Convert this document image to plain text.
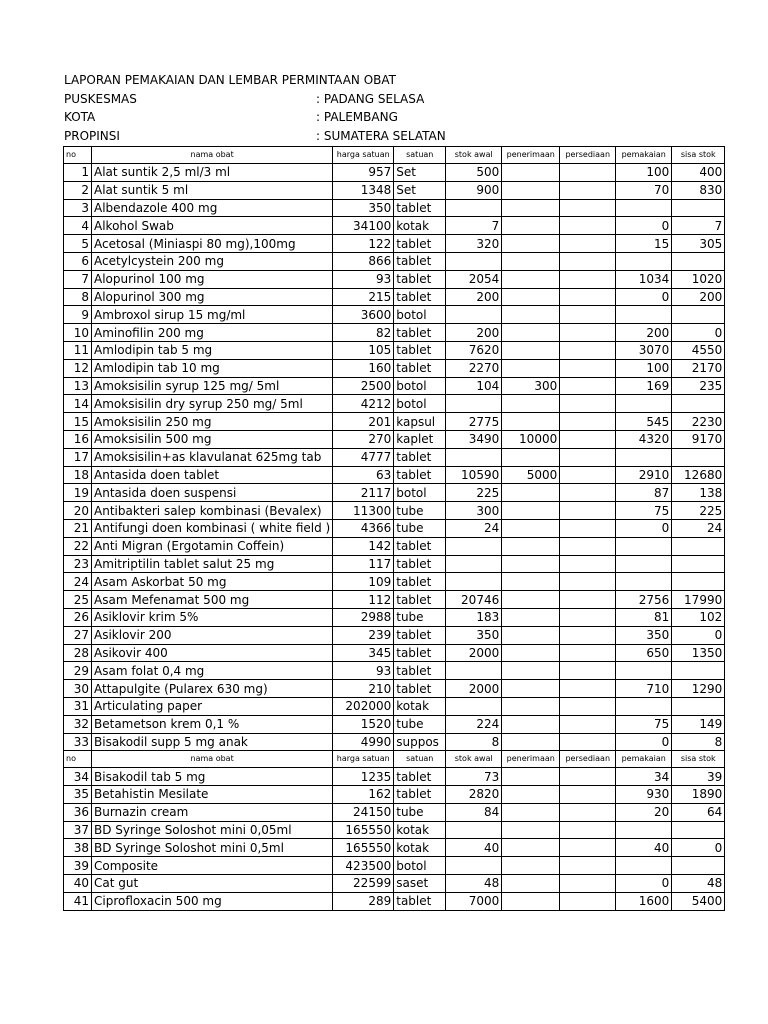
LAPORAN PEMAKAIAN DAN LEMBAR PERMINTAAN OBAT
PUSKESMAS	: PADANG SELASA
KOTA	: PALEMBANG
PROPINSI	: SUMATERA SELATAN
no	nama obat	harga satuan	satuan	stok awal	penerimaan	persediaan	pemakaian	sisa stok
1	Alat suntik 2,5 ml/3 ml	957	Set	500			100	400
2	Alat suntik 5 ml	1348	Set	900			70	830
3	Albendazole 400 mg	350	tablet					
4	Alkohol Swab	34100	kotak	7			0	7
5	Acetosal (Miniaspi 80 mg),100mg	122	tablet	320			15	305
6	Acetylcystein 200 mg	866	tablet					
7	Alopurinol 100 mg	93	tablet	2054			1034	1020
8	Alopurinol 300 mg	215	tablet	200			0	200
9	Ambroxol sirup 15 mg/ml	3600	botol					
10	Aminofilin 200 mg	82	tablet	200			200	0
11	Amlodipin tab 5 mg	105	tablet	7620			3070	4550
12	Amlodipin tab 10 mg	160	tablet	2270			100	2170
13	Amoksisilin syrup 125 mg/ 5ml	2500	botol	104	300		169	235
14	Amoksisilin dry syrup 250 mg/ 5ml	4212	botol					
15	Amoksisilin 250 mg	201	kapsul	2775			545	2230
16	Amoksisilin 500 mg	270	kaplet	3490	10000		4320	9170
17	Amoksisilin+as klavulanat 625mg tab	4777	tablet					
18	Antasida doen tablet	63	tablet	10590	5000		2910	12680
19	Antasida doen suspensi	2117	botol	225			87	138
20	Antibakteri salep kombinasi (Bevalex)	11300	tube	300			75	225
21	Antifungi doen kombinasi ( white field )	4366	tube	24			0	24
22	Anti Migran (Ergotamin Coffein)	142	tablet					
23	Amitriptilin tablet salut 25 mg	117	tablet					
24	Asam Askorbat 50 mg	109	tablet					
25	Asam Mefenamat 500 mg	112	tablet	20746			2756	17990
26	Asiklovir krim 5%	2988	tube	183			81	102
27	Asiklovir 200	239	tablet	350			350	0
28	Asikovir 400	345	tablet	2000			650	1350
29	Asam folat 0,4 mg	93	tablet					
30	Attapulgite (Pularex 630 mg)	210	tablet	2000			710	1290
31	Articulating paper	202000	kotak					
32	Betametson krem 0,1 %	1520	tube	224			75	149
33	Bisakodil supp 5 mg anak	4990	suppos	8			0	8
no	nama obat	harga satuan	satuan	stok awal	penerimaan	persediaan	pemakaian	sisa stok
34	Bisakodil tab 5 mg	1235	tablet	73			34	39
35	Betahistin Mesilate	162	tablet	2820			930	1890
36	Burnazin cream	24150	tube	84			20	64
37	BD Syringe Soloshot mini 0,05ml	165550	kotak					
38	BD Syringe Soloshot mini 0,5ml	165550	kotak	40			40	0
39	Composite	423500	botol					
40	Cat gut	22599	saset	48			0	48
41	Ciprofloxacin 500 mg	289	tablet	7000			1600	5400
